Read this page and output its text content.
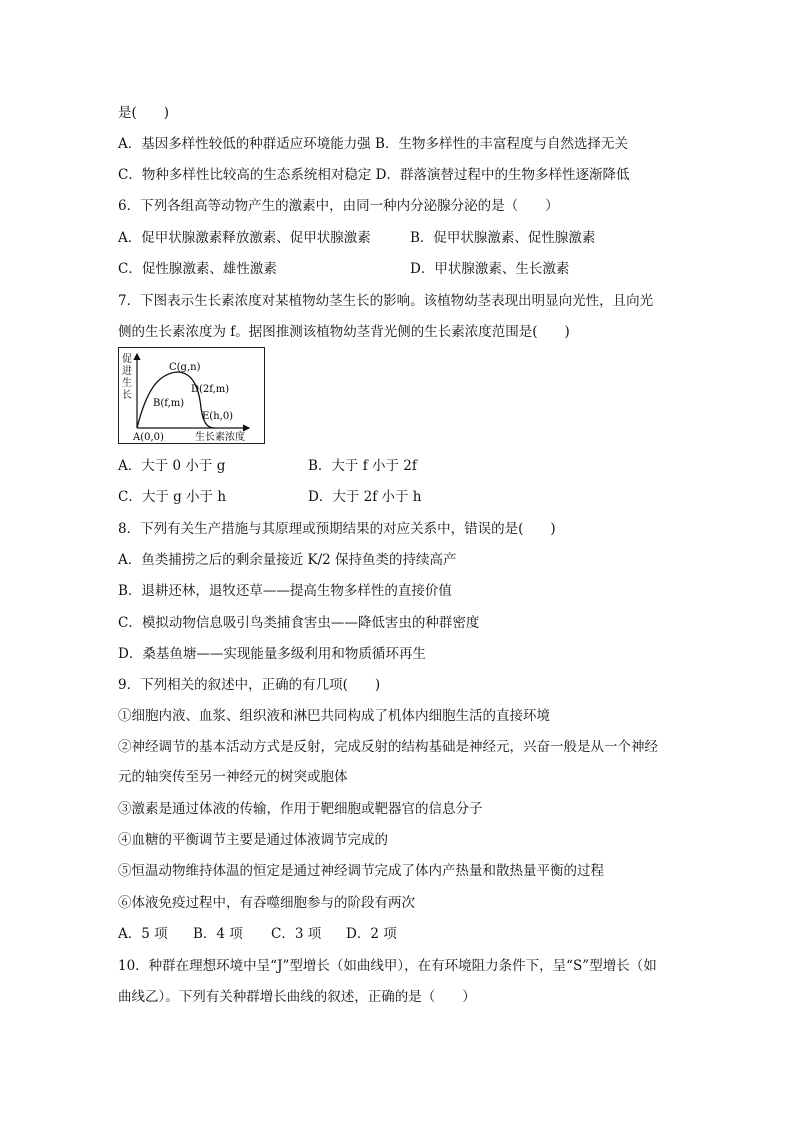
是(　　)
A．基因多样性较低的种群适应环境能力强 B．生物多样性的丰富程度与自然选择无关
C．物种多样性比较高的生态系统相对稳定 D．群落演替过程中的生物多样性逐渐降低
6．下列各组高等动物产生的激素中，由同一种内分泌腺分泌的是（　　）
A．促甲状腺激素释放激素、促甲状腺激素	B．促甲状腺激素、促性腺激素
C．促性腺激素、雄性激素	D．甲状腺激素、生长激素
7．下图表示生长素浓度对某植物幼茎生长的影响。该植物幼茎表现出明显向光性，且向光
侧的生长素浓度为 f。据图推测该植物幼茎背光侧的生长素浓度范围是(　　)
C(g,n)
B(f,m)
D(2f,m)
E(h,0)
A(0,0)	生长素浓度
促
进
生
长
A．大于 0 小于 g	B．大于 f 小于 2f
C．大于 g 小于 h	D．大于 2f 小于 h
8．下列有关生产措施与其原理或预期结果的对应关系中，错误的是(　　)
A．鱼类捕捞之后的剩余量接近 K/2 保持鱼类的持续高产
B．退耕还林，退牧还草——提高生物多样性的直接价值
C．模拟动物信息吸引鸟类捕食害虫——降低害虫的种群密度
D．桑基鱼塘——实现能量多级利用和物质循环再生
9．下列相关的叙述中，正确的有几项(　　)
①细胞内液、血浆、组织液和淋巴共同构成了机体内细胞生活的直接环境
②神经调节的基本活动方式是反射，完成反射的结构基础是神经元，兴奋一般是从一个神经
元的轴突传至另一神经元的树突或胞体
③激素是通过体液的传输，作用于靶细胞或靶器官的信息分子
④血糖的平衡调节主要是通过体液调节完成的
⑤恒温动物维持体温的恒定是通过神经调节完成了体内产热量和散热量平衡的过程
⑥体液免疫过程中，有吞噬细胞参与的阶段有两次
A．5 项 B．4 项 C．3 项 D．2 项
10．种群在理想环境中呈“J”型增长（如曲线甲），在有环境阻力条件下，呈“S”型增长（如
曲线乙）。下列有关种群增长曲线的叙述，正确的是（　　）
